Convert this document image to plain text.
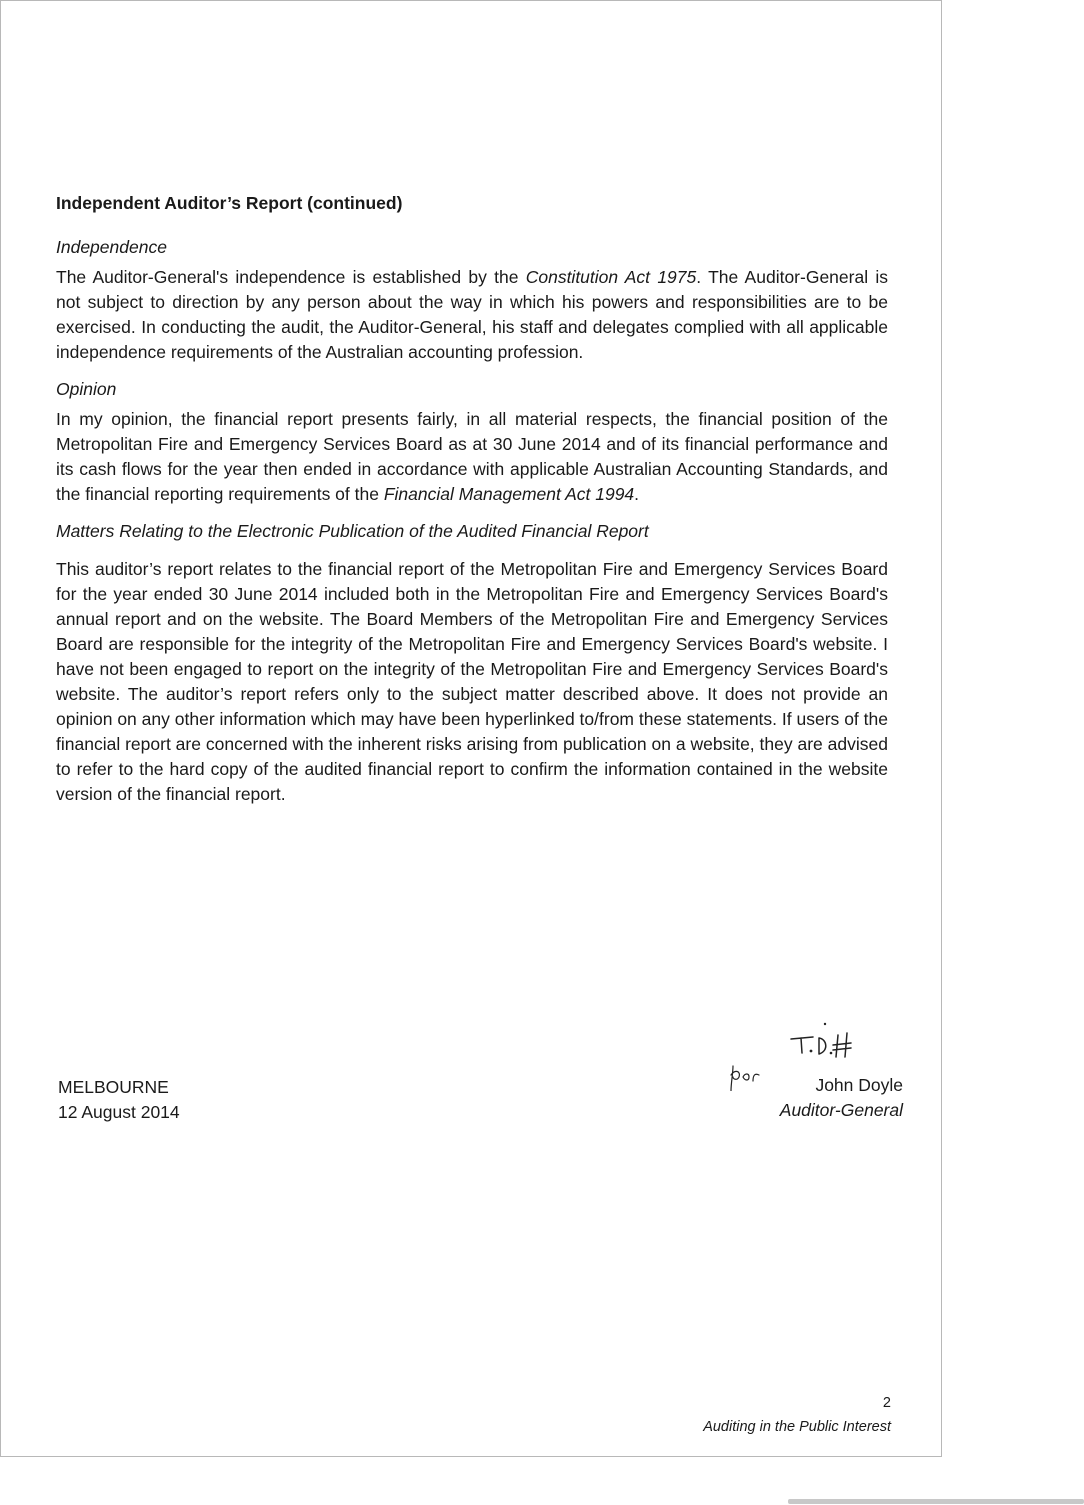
Independent Auditor’s Report (continued)
Independence

The Auditor-General's independence is established by the Constitution Act 1975. The Auditor-General is not subject to direction by any person about the way in which his powers and responsibilities are to be exercised. In conducting the audit, the Auditor-General, his staff and delegates complied with all applicable independence requirements of the Australian accounting profession.

Opinion

In my opinion, the financial report presents fairly, in all material respects, the financial position of the Metropolitan Fire and Emergency Services Board as at 30 June 2014 and of its financial performance and its cash flows for the year then ended in accordance with applicable Australian Accounting Standards, and the financial reporting requirements of the Financial Management Act 1994.

Matters Relating to the Electronic Publication of the Audited Financial Report

This auditor’s report relates to the financial report of the Metropolitan Fire and Emergency Services Board for the year ended 30 June 2014 included both in the Metropolitan Fire and Emergency Services Board's annual report and on the website. The Board Members of the Metropolitan Fire and Emergency Services Board are responsible for the integrity of the Metropolitan Fire and Emergency Services Board's website. I have not been engaged to report on the integrity of the Metropolitan Fire and Emergency Services Board's website. The auditor’s report refers only to the subject matter described above. It does not provide an opinion on any other information which may have been hyperlinked to/from these statements. If users of the financial report are concerned with the inherent risks arising from publication on a website, they are advised to refer to the hard copy of the audited financial report to confirm the information contained in the website version of the financial report.

MELBOURNE
12 August 2014
John Doyle
Auditor-General
2
Auditing in the Public Interest
